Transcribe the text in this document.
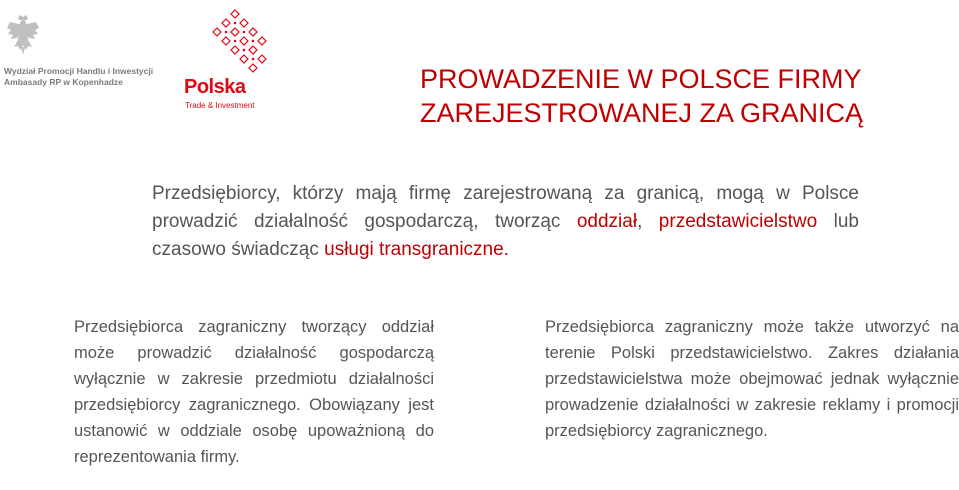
Wydział Promocji Handlu i Inwestycji
Ambasady RP w Kopenhadze	Polska
Trade & Investment
PROWADZENIE W POLSCE FIRMY
ZAREJESTROWANEJ ZA GRANICĄ
Przedsiębiorcy, którzy mają firmę zarejestrowaną za granicą, mogą w Polsce prowadzić działalność gospodarczą, tworząc oddział, przedstawicielstwo lub czasowo świadcząc usługi transgraniczne.
Przedsiębiorca zagraniczny tworzący oddział może prowadzić działalność gospodarczą wyłącznie w zakresie przedmiotu działalności przedsiębiorcy zagranicznego. Obowiązany jest ustanowić w oddziale osobę upoważnioną do reprezentowania firmy.
Przedsiębiorca zagraniczny może także utworzyć na terenie Polski przedstawicielstwo. Zakres działania przedstawicielstwa może obejmować jednak wyłącznie prowadzenie działalności w zakresie reklamy i promocji przedsiębiorcy zagranicznego.
